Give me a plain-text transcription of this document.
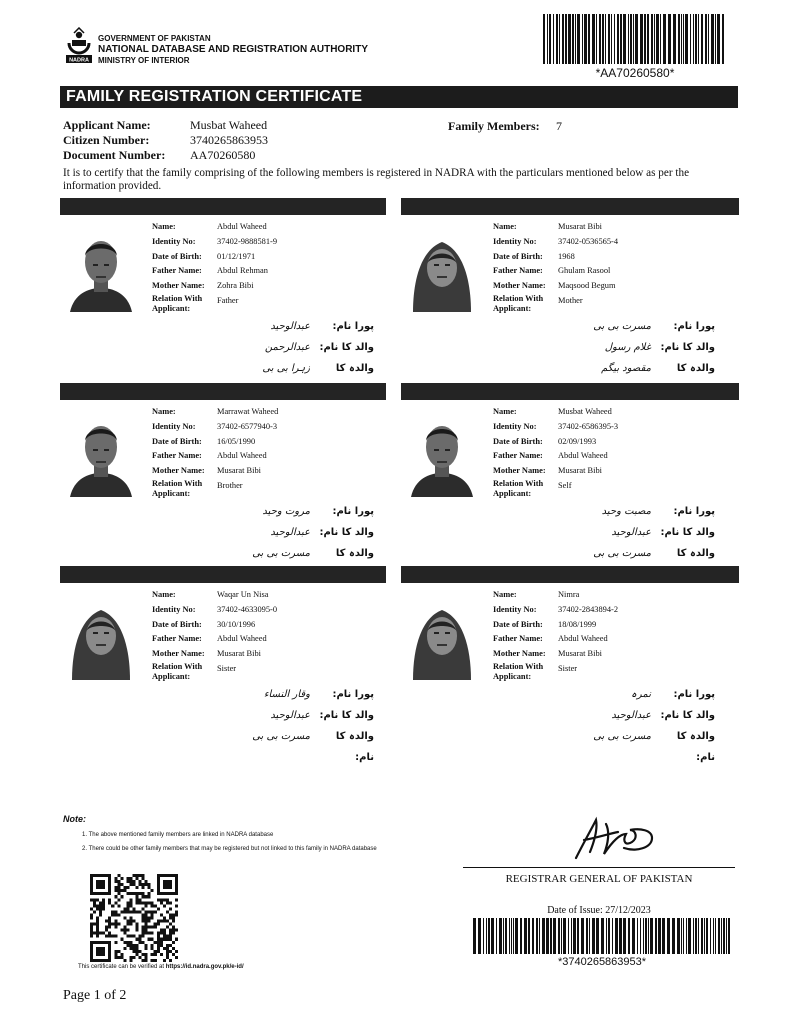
NADRA
GOVERNMENT OF PAKISTAN
NATIONAL DATABASE AND REGISTRATION AUTHORITY
MINISTRY OF INTERIOR
*AA70260580*
FAMILY REGISTRATION CERTIFICATE
Applicant Name:
Citizen Number:
Document Number:
Musbat Waheed
3740265863953
AA70260580
Family Members: 7
It is to certify that the family comprising of the following members is registered in NADRA with the particulars mentioned below as per the information provided.
Name:
Identity No:
Date of Birth:
Father Name:
Mother Name:
Relation With
Applicant:
Abdul Waheed
37402-9888581-9
01/12/1971
Abdul Rehman
Zohra Bibi
Father
پورا نام:
والد کا نام:
والدہ کا
عبدالوحید
عبدالرحمن
زہرا بی بی
Name:
Identity No:
Date of Birth:
Father Name:
Mother Name:
Relation With
Applicant:
Musarat Bibi
37402-0536565-4
1968
Ghulam Rasool
Maqsood Begum
Mother
پورا نام:
والد کا نام:
والدہ کا
مسرت بی بی
غلام رسول
مقصود بیگم
Name:
Identity No:
Date of Birth:
Father Name:
Mother Name:
Relation With
Applicant:
Marrawat Waheed
37402-6577940-3
16/05/1990
Abdul Waheed
Musarat Bibi
Brother
پورا نام:
والد کا نام:
والدہ کا
مروت وحید
عبدالوحید
مسرت بی بی
Name:
Identity No:
Date of Birth:
Father Name:
Mother Name:
Relation With
Applicant:
Musbat Waheed
37402-6586395-3
02/09/1993
Abdul Waheed
Musarat Bibi
Self
پورا نام:
والد کا نام:
والدہ کا
مصبت وحید
عبدالوحید
مسرت بی بی
Name:
Identity No:
Date of Birth:
Father Name:
Mother Name:
Relation With
Applicant:
Waqar Un Nisa
37402-4633095-0
30/10/1996
Abdul Waheed
Musarat Bibi
Sister
پورا نام:
والد کا نام:
والدہ کا نام:
وقار النساء
عبدالوحید
مسرت بی بی
Name:
Identity No:
Date of Birth:
Father Name:
Mother Name:
Relation With
Applicant:
Nimra
37402-2843894-2
18/08/1999
Abdul Waheed
Musarat Bibi
Sister
پورا نام:
والد کا نام:
والدہ کا نام:
نمرہ
عبدالوحید
مسرت بی بی
Note:
1. The above mentioned family members are linked in NADRA database
2. There could be other family members that may be registered but not linked to this family in NADRA database
REGISTRAR GENERAL OF PAKISTAN
Date of Issue: 27/12/2023
*3740265863953*
This certificate can be verified at https://id.nadra.gov.pk/e-id/
Page 1 of 2
